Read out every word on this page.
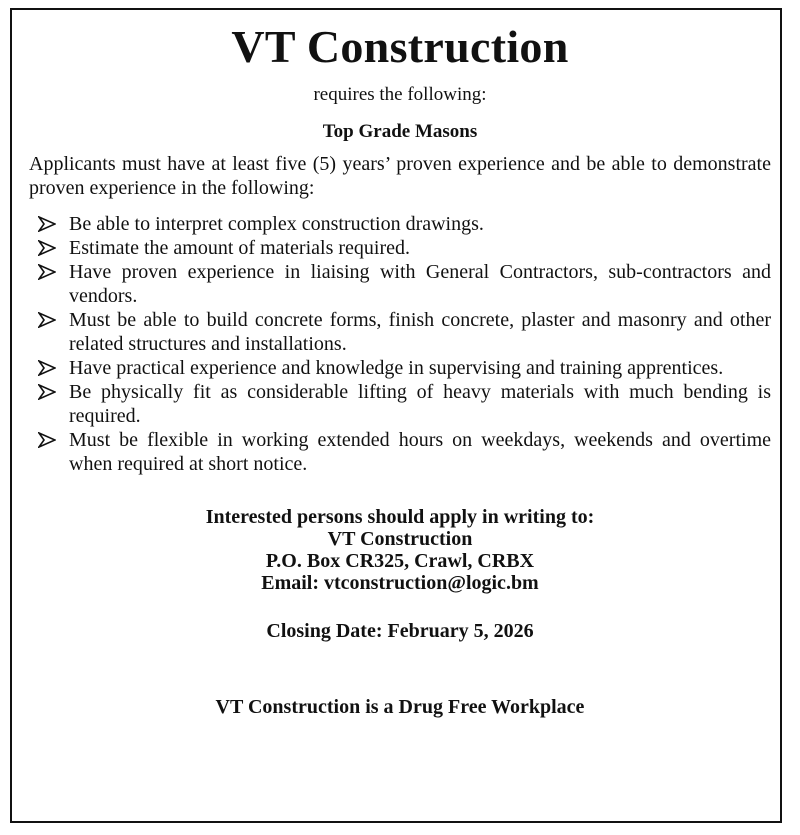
VT Construction

requires the following:

Top Grade Masons

Applicants must have at least five (5) years’ proven experience and be able to demonstrate proven experience in the following:

Be able to interpret complex construction drawings.
Estimate the amount of materials required.
Have proven experience in liaising with General Contractors, sub-contractors and vendors.
Must be able to build concrete forms, finish concrete, plaster and masonry and other related structures and installations.
Have practical experience and knowledge in supervising and training apprentices.
Be physically fit as considerable lifting of heavy materials with much bending is required.
Must be flexible in working extended hours on weekdays, weekends and overtime when required at short notice.
Interested persons should apply in writing to:
VT Construction
P.O. Box CR325, Crawl, CRBX
Email: vtconstruction@logic.bm
Closing Date: February 5, 2026
VT Construction is a Drug Free Workplace
